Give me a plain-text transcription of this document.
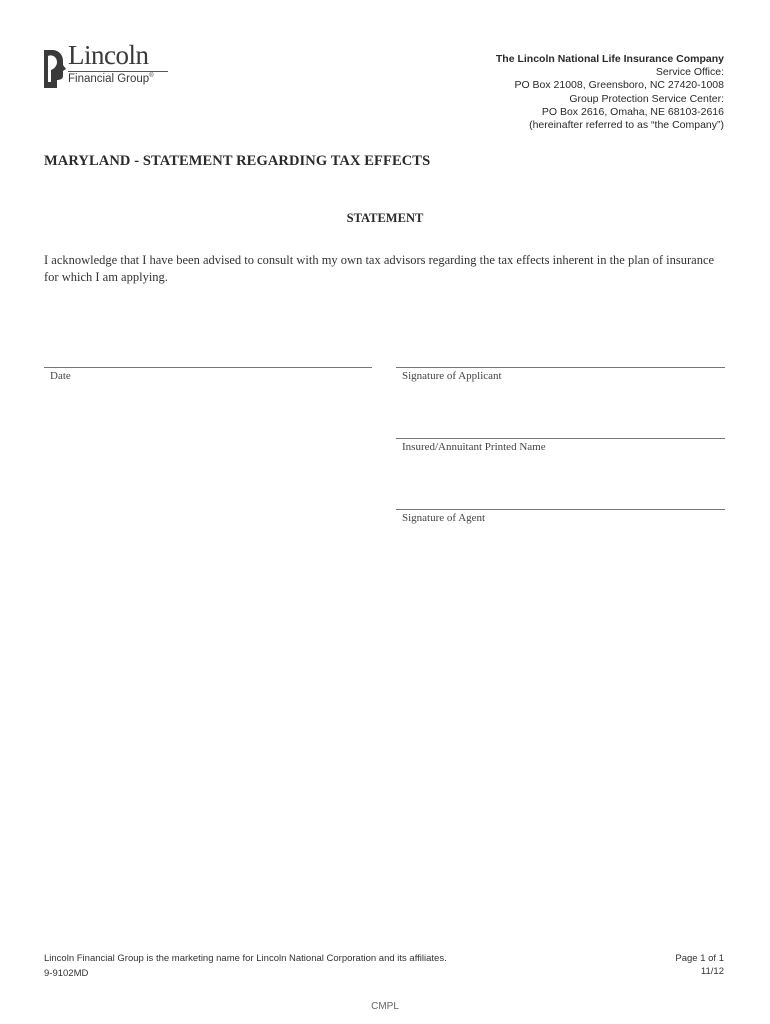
Lincoln
Financial Group®
The Lincoln National Life Insurance Company
Service Office:
PO Box 21008, Greensboro, NC 27420-1008
Group Protection Service Center:
PO Box 2616, Omaha, NE 68103-2616
(hereinafter referred to as “the Company”)
MARYLAND - STATEMENT REGARDING TAX EFFECTS
STATEMENT
I acknowledge that I have been advised to consult with my own tax advisors regarding the tax effects inherent in the plan of insurance for which I am applying.
Date	Signature of Applicant
Insured/Annuitant Printed Name
Signature of Agent
Lincoln Financial Group is the marketing name for Lincoln National Corporation and its affiliates.
9-9102MD
Page 1 of 1
11/12
CMPL
